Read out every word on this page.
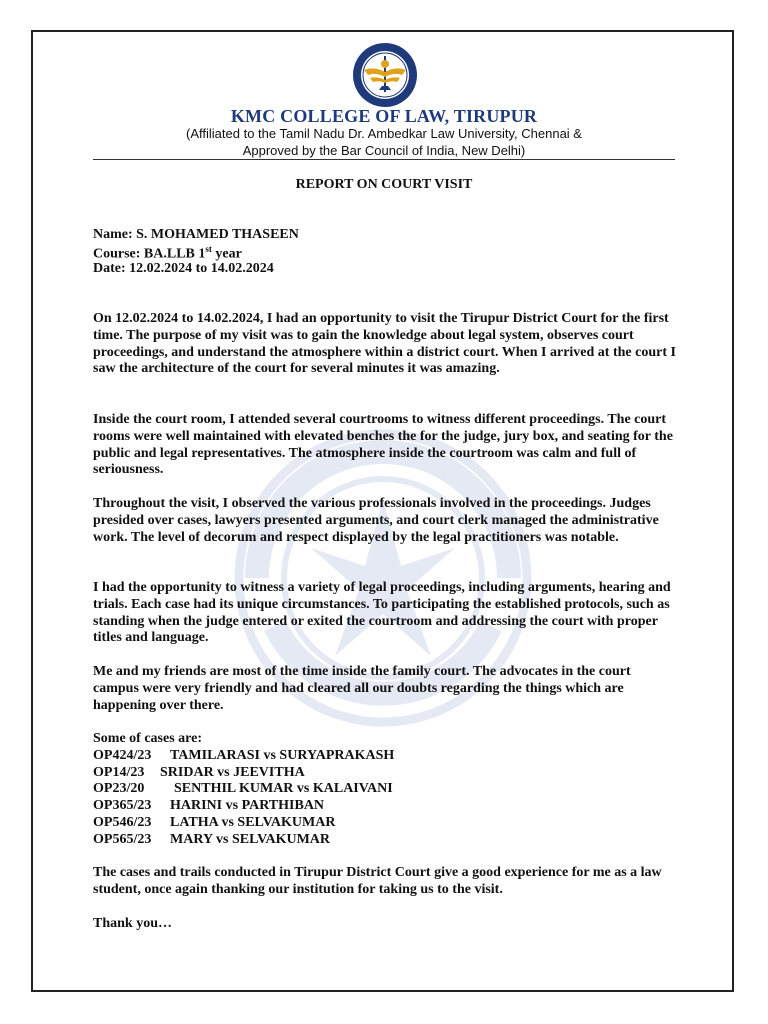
KMC COLLEGE OF LAW, TIRUPUR
(Affiliated to the Tamil Nadu Dr. Ambedkar Law University, Chennai &
Approved by the Bar Council of India, New Delhi)
REPORT ON COURT VISIT
Name: S. MOHAMED THASEEN
Course: BA.LLB 1st year
Date: 12.02.2024 to 14.02.2024

On 12.02.2024 to 14.02.2024, I had an opportunity to visit the Tirupur District Court for the first time. The purpose of my visit was to gain the knowledge about legal system, observes court proceedings, and understand the atmosphere within a district court. When I arrived at the court I saw the architecture of the court for several minutes it was amazing.

Inside the court room, I attended several courtrooms to witness different proceedings. The court rooms were well maintained with elevated benches the for the judge, jury box, and seating for the public and legal representatives. The atmosphere inside the courtroom was calm and full of seriousness.

Throughout the visit, I observed the various professionals involved in the proceedings. Judges presided over cases, lawyers presented arguments, and court clerk managed the administrative work. The level of decorum and respect displayed by the legal practitioners was notable.

I had the opportunity to witness a variety of legal proceedings, including arguments, hearing and trials. Each case had its unique circumstances. To participating the established protocols, such as standing when the judge entered or exited the courtroom and addressing the court with proper titles and language.

Me and my friends are most of the time inside the family court. The advocates in the court campus were very friendly and had cleared all our doubts regarding the things which are happening over there.

Some of cases are:
OP424/23 TAMILARASI vs SURYAPRAKASH
OP14/23 SRIDAR vs JEEVITHA
OP23/20 SENTHIL KUMAR vs KALAIVANI
OP365/23 HARINI vs PARTHIBAN
OP546/23 LATHA vs SELVAKUMAR
OP565/23 MARY vs SELVAKUMAR

The cases and trails conducted in Tirupur District Court give a good experience for me as a law student, once again thanking our institution for taking us to the visit.

Thank you…
